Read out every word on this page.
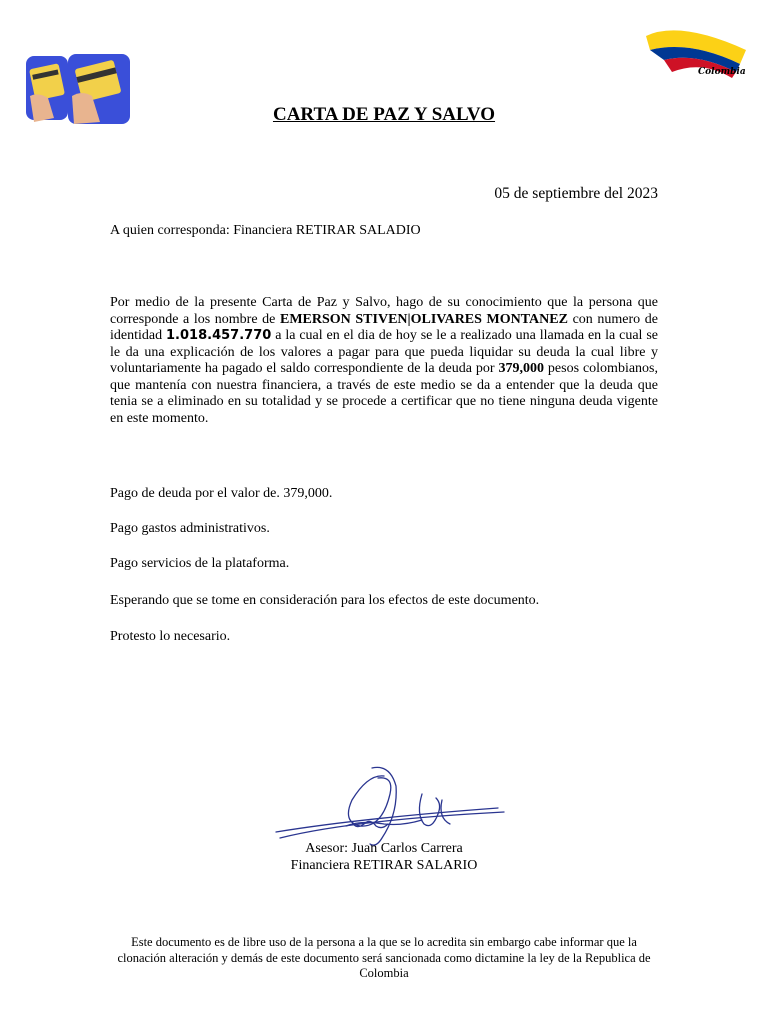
Colombia
CARTA DE PAZ Y SALVO
05 de septiembre del 2023
A quien corresponda: Financiera RETIRAR SALADIO
Por medio de la presente Carta de Paz y Salvo, hago de su conocimiento que la persona que corresponde a los nombre de EMERSON STIVEN|OLIVARES MONTANEZ con numero de identidad 1.018.457.770 a la cual en el dia de hoy se le a realizado una llamada en la cual se le da una explicación de los valores a pagar para que pueda liquidar su deuda la cual libre y voluntariamente ha pagado el saldo correspondiente de la deuda por 379,000 pesos colombianos, que mantenía con nuestra financiera, a través de este medio se da a entender que la deuda que tenia se a eliminado en su totalidad y se procede a certificar que no tiene ninguna deuda vigente en este momento.
Pago de deuda por el valor de. 379,000.
Pago gastos administrativos.
Pago servicios de la plataforma.
Esperando que se tome en consideración para los efectos de este documento.
Protesto lo necesario.
Asesor: Juan Carlos Carrera
Financiera RETIRAR SALARIO
Este documento es de libre uso de la persona a la que se lo acredita sin embargo cabe informar que la clonación alteración y demás de este documento será sancionada como dictamine la ley de la Republica de Colombia
